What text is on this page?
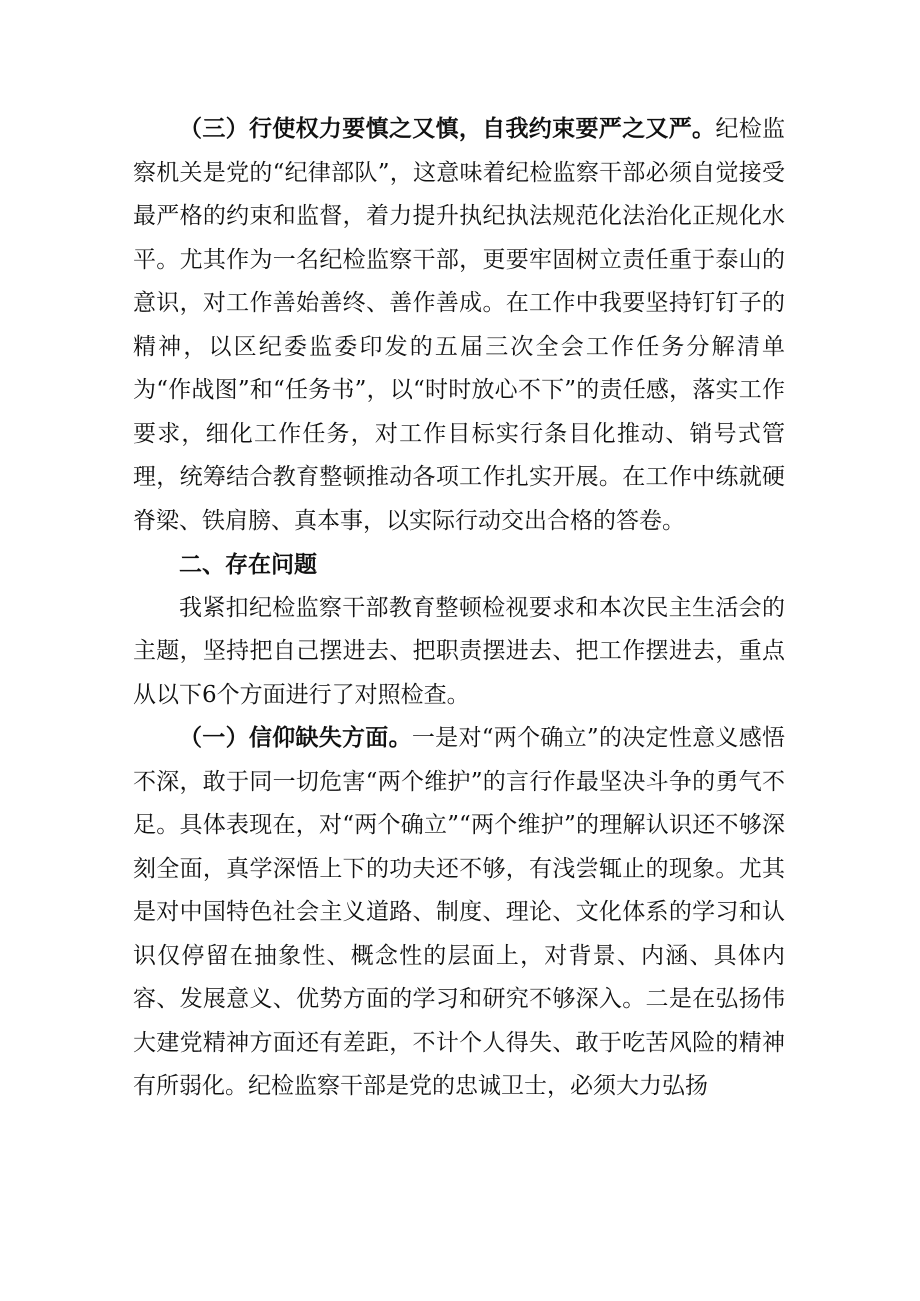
（三）行使权力要慎之又慎，自我约束要严之又严。纪检监察机关是党的“纪律部队”，这意味着纪检监察干部必须自觉接受最严格的约束和监督，着力提升执纪执法规范化法治化正规化水平。尤其作为一名纪检监察干部，更要牢固树立责任重于泰山的意识，对工作善始善终、善作善成。在工作中我要坚持钉钉子的精神，以区纪委监委印发的五届三次全会工作任务分解清单为“作战图”和“任务书”，以“时时放心不下”的责任感，落实工作要求，细化工作任务，对工作目标实行条目化推动、销号式管理，统筹结合教育整顿推动各项工作扎实开展。在工作中练就硬脊梁、铁肩膀、真本事，以实际行动交出合格的答卷。

二、存在问题

我紧扣纪检监察干部教育整顿检视要求和本次民主生活会的主题，坚持把自己摆进去、把职责摆进去、把工作摆进去，重点从以下6个方面进行了对照检查。

（一）信仰缺失方面。一是对“两个确立”的决定性意义感悟不深，敢于同一切危害“两个维护”的言行作最坚决斗争的勇气不足。具体表现在，对“两个确立”“两个维护”的理解认识还不够深刻全面，真学深悟上下的功夫还不够，有浅尝辄止的现象。尤其是对中国特色社会主义道路、制度、理论、文化体系的学习和认识仅停留在抽象性、概念性的层面上，对背景、内涵、具体内容、发展意义、优势方面的学习和研究不够深入。二是在弘扬伟大建党精神方面还有差距，不计个人得失、敢于吃苦风险的精神有所弱化。纪检监察干部是党的忠诚卫士，必须大力弘扬
